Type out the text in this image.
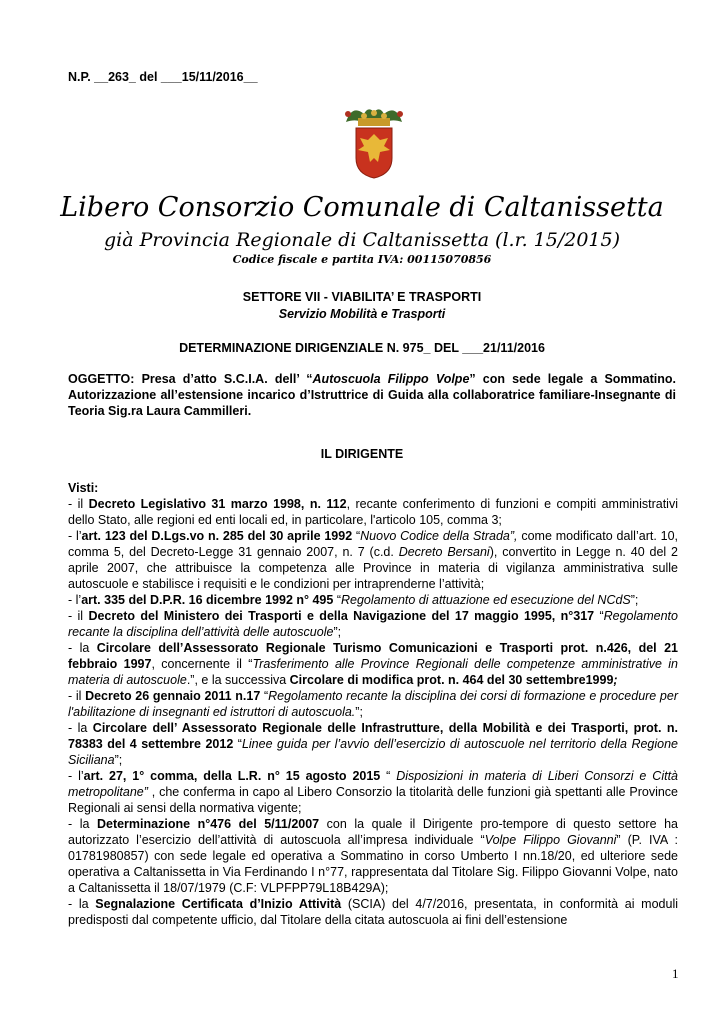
N.P. __263_ del ___15/11/2016__
Libero Consorzio Comunale di Caltanissetta
già Provincia Regionale di Caltanissetta (l.r. 15/2015)
Codice fiscale e partita IVA: 00115070856
SETTORE VII - VIABILITA’ E TRASPORTI
Servizio Mobilità e Trasporti
DETERMINAZIONE DIRIGENZIALE N. 975_ DEL ___21/11/2016
OGGETTO: Presa d’atto S.C.I.A. dell’ “Autoscuola Filippo Volpe” con sede legale a Sommatino. Autorizzazione all’estensione incarico d’Istruttrice di Guida alla collaboratrice familiare-Insegnante di Teoria Sig.ra Laura Cammilleri.
IL DIRIGENTE
Visti:
- il Decreto Legislativo 31 marzo 1998, n. 112, recante conferimento di funzioni e compiti amministrativi dello Stato, alle regioni ed enti locali ed, in particolare, l'articolo 105, comma 3;
- l’art. 123 del D.Lgs.vo n. 285 del 30 aprile 1992 “Nuovo Codice della Strada”, come modificato dall’art. 10, comma 5, del Decreto-Legge 31 gennaio 2007, n. 7 (c.d. Decreto Bersani), convertito in Legge n. 40 del 2 aprile 2007, che attribuisce la competenza alle Province in materia di vigilanza amministrativa sulle autoscuole e stabilisce i requisiti e le condizioni per intraprenderne l’attività;
- l’art. 335 del D.P.R. 16 dicembre 1992 n° 495 “Regolamento di attuazione ed esecuzione del NCdS”;
- il Decreto del Ministero dei Trasporti e della Navigazione del 17 maggio 1995, n°317 “Regolamento recante la disciplina dell’attività delle autoscuole”;
- la Circolare dell’Assessorato Regionale Turismo Comunicazioni e Trasporti prot. n.426, del 21 febbraio 1997, concernente il “Trasferimento alle Province Regionali delle competenze amministrative in materia di autoscuole.”, e la successiva Circolare di modifica prot. n. 464 del 30 settembre1999;
- il Decreto 26 gennaio 2011 n.17 “Regolamento recante la disciplina dei corsi di formazione e procedure per l'abilitazione di insegnanti ed istruttori di autoscuola.”;
- la Circolare dell’ Assessorato Regionale delle Infrastrutture, della Mobilità e dei Trasporti, prot. n. 78383 del 4 settembre 2012 “Linee guida per l’avvio dell’esercizio di autoscuole nel territorio della Regione Siciliana”;
- l’art. 27, 1° comma, della L.R. n° 15 agosto 2015 “ Disposizioni in materia di Liberi Consorzi e Città metropolitane” , che conferma in capo al Libero Consorzio la titolarità delle funzioni già spettanti alle Province Regionali ai sensi della normativa vigente;
- la Determinazione n°476 del 5/11/2007 con la quale il Dirigente pro-tempore di questo settore ha autorizzato l’esercizio dell’attività di autoscuola all’impresa individuale “Volpe Filippo Giovanni” (P. IVA : 01781980857) con sede legale ed operativa a Sommatino in corso Umberto I nn.18/20, ed ulteriore sede operativa a Caltanissetta in Via Ferdinando I n°77, rappresentata dal Titolare Sig. Filippo Giovanni Volpe, nato a Caltanissetta il 18/07/1979 (C.F: VLPFPP79L18B429A);
- la Segnalazione Certificata d’Inizio Attività (SCIA) del 4/7/2016, presentata, in conformità ai moduli predisposti dal competente ufficio, dal Titolare della citata autoscuola ai fini dell’estensione
1
